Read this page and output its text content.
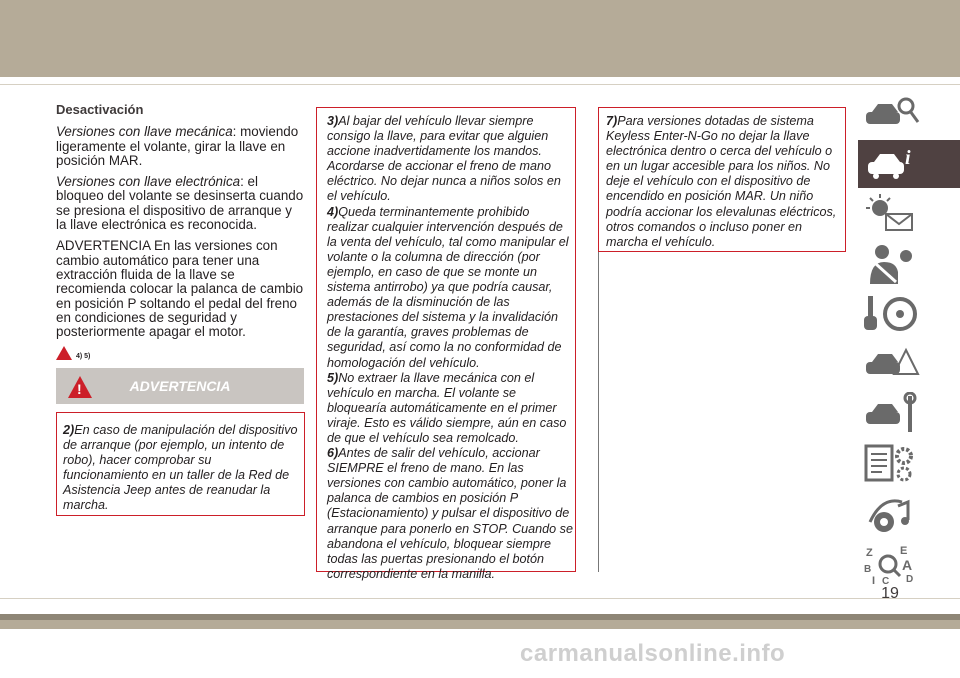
Desactivación

Versiones con llave mecánica: moviendo ligeramente el volante, girar la llave en posición MAR.

Versiones con llave electrónica: el bloqueo del volante se desinserta cuando se presiona el dispositivo de arranque y la llave electrónica es reconocida.

ADVERTENCIA En las versiones con cambio automático para tener una extracción fluida de la llave se recomienda colocar la palanca de cambio en posición P soltando el pedal del freno en condiciones de seguridad y posteriormente apagar el motor.

4) 5)
!
ADVERTENCIA

2)En caso de manipulación del dispositivo de arranque (por ejemplo, un intento de robo), hacer comprobar su funcionamiento en un taller de la Red de Asistencia Jeep antes de reanudar la marcha.

3)Al bajar del vehículo llevar siempre consigo la llave, para evitar que alguien accione inadvertidamente los mandos. Acordarse de accionar el freno de mano eléctrico. No dejar nunca a niños solos en el vehículo.

4)Queda terminantemente prohibido realizar cualquier intervención después de la venta del vehículo, tal como manipular el volante o la columna de dirección (por ejemplo, en caso de que se monte un sistema antirrobo) ya que podría causar, además de la disminución de las prestaciones del sistema y la invalidación de la garantía, graves problemas de seguridad, así como la no conformidad de homologación del vehículo.

5)No extraer la llave mecánica con el vehículo en marcha. El volante se bloquearía automáticamente en el primer viraje. Esto es válido siempre, aún en caso de que el vehículo sea remolcado.

6)Antes de salir del vehículo, accionar SIEMPRE el freno de mano. En las versiones con cambio automático, poner la palanca de cambios en posición P (Estacionamiento) y pulsar el dispositivo de arranque para ponerlo en STOP. Cuando se abandona el vehículo, bloquear siempre todas las puertas presionando el botón correspondiente en la manilla.

7)Para versiones dotadas de sistema Keyless Enter-N-Go no dejar la llave electrónica dentro o cerca del vehículo o en un lugar accesible para los niños. No deje el vehículo con el dispositivo de encendido en posición MAR. Un niño podría accionar los elevalunas eléctricos, otros comandos o incluso poner en marcha el vehículo.

i
Z E
B A
I C D
19
carmanualsonline.info
